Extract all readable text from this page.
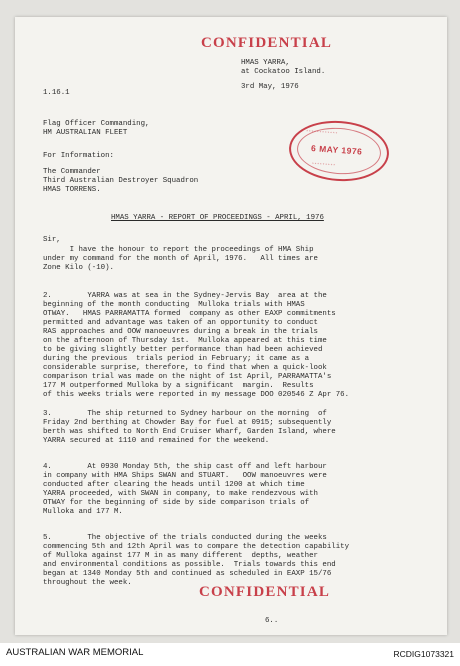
CONFIDENTIAL
HMAS YARRA,
at Cockatoo Island.
3rd May, 1976
1.16.1
Flag Officer Commanding,
HM AUSTRALIAN FLEET
For Information:
The Commander
Third Australian Destroyer Squadron
HMAS TORRENS.
* * * * * * * * * * * *
6 MAY 1976
* * * * * * * * *
HMAS YARRA - REPORT OF PROCEEDINGS - APRIL, 1976
Sir,
I have the honour to report the proceedings of HMA Ship
under my command for the month of April, 1976.   All times are
Zone Kilo (-10).
2.        YARRA was at sea in the Sydney-Jervis Bay  area at the
beginning of the month conducting  Mulloka trials with HMAS
OTWAY.   HMAS PARRAMATTA formed  company as other EAXP commitments
permitted and advantage was taken of an opportunity to conduct
RAS approaches and OOW manoeuvres during a break in the trials
on the afternoon of Thursday 1st.  Mulloka appeared at this time
to be giving slightly better performance than had been achieved
during the previous  trials period in February; it came as a
considerable surprise, therefore, to find that when a quick-look
comparison trial was made on the night of 1st April, PARRAMATTA's
177 M outperformed Mulloka by a significant  margin.  Results
of this weeks trials were reported in my message DOO 020546 Z Apr 76.
3.        The ship returned to Sydney harbour on the morning  of
Friday 2nd berthing at Chowder Bay for fuel at 0915; subsequently
berth was shifted to North End Cruiser Wharf, Garden Island, where
YARRA secured at 1110 and remained for the weekend.
4.        At 0930 Monday 5th, the ship cast off and left harbour
in company with HMA Ships SWAN and STUART.   OOW manoeuvres were
conducted after clearing the heads until 1200 at which time
YARRA proceeded, with SWAN in company, to make rendezvous with
OTWAY for the beginning of side by side comparison trials of
Mulloka and 177 M.
5.        The objective of the trials conducted during the weeks
commencing 5th and 12th April was to compare the detection capability
of Mulloka against 177 M in as many different  depths, weather
and environmental conditions as possible.  Trials towards this end
began at 1340 Monday 5th and continued as scheduled in EAXP 15/76
throughout the week.
CONFIDENTIAL
6..
AUSTRALIAN WAR MEMORIAL	RCDIG1073321
